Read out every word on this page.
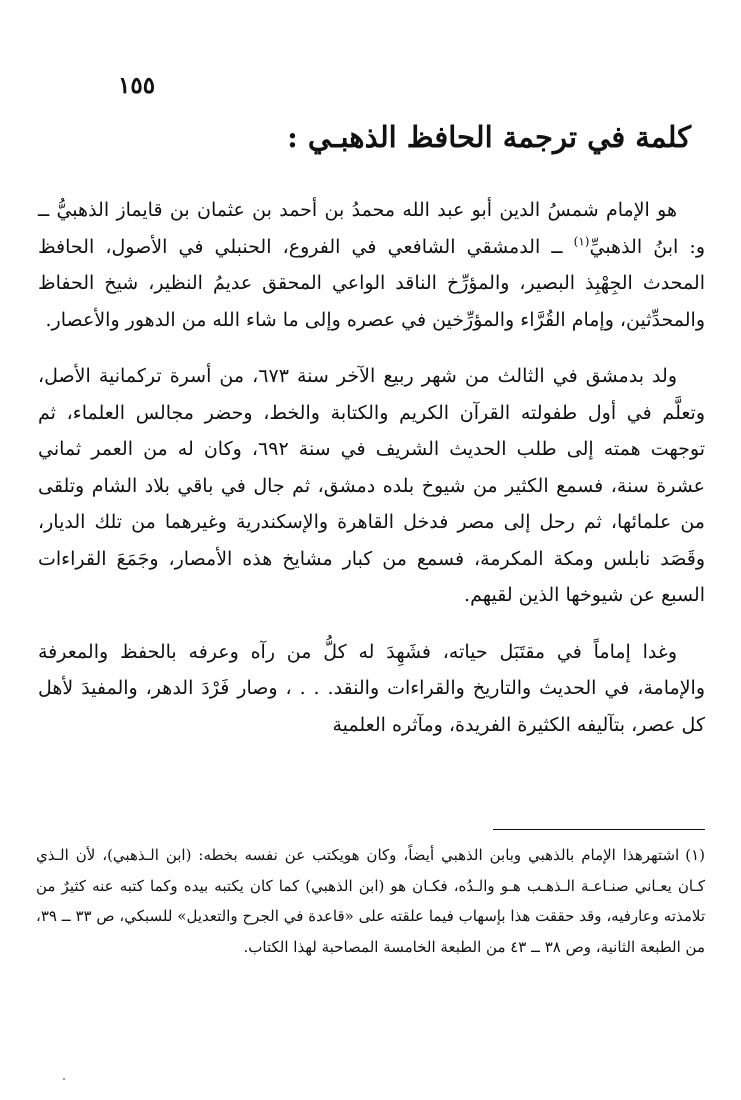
١٥٥
كلمة في ترجمة الحافظ الذهبـي :

هو الإمام شمسُ الدين أبو عبد الله محمدُ بن أحمد بن عثمان بن قايماز الذهبيُّ ــ و: ابنُ الذهبيِّ$^{(١)}$ ــ الدمشقي الشافعي في الفروع، الحنبلي في الأصول، الحافظ المحدث الجِهْبِذ البصير، والمؤرِّخ الناقد الواعي المحقق عديمُ النظير، شيخ الحفاظ والمحدِّثين، وإمام القُرَّاء والمؤرِّخين في عصره وإلى ما شاء الله من الدهور والأعصار.

ولد بدمشق في الثالث من شهر ربيع الآخر سنة ٦٧٣، من أسرة تركمانية الأصل، وتعلَّم في أول طفولته القرآن الكريم والكتابة والخط، وحضر مجالس العلماء، ثم توجهت همته إلى طلب الحديث الشريف في سنة ٦٩٢، وكان له من العمر ثماني عشرة سنة، فسمع الكثير من شيوخ بلده دمشق، ثم جال في باقي بلاد الشام وتلقى من علمائها، ثم رحل إلى مصر فدخل القاهرة والإسكندرية وغيرهما من تلك الديار، وقَصَد نابلس ومكة المكرمة، فسمع من كبار مشايخ هذه الأمصار، وجَمَعَ القراءات السبع عن شيوخها الذين لقيهم.

وغدا إماماً في مقتَبَل حياته، فشَهِدَ له كلُّ من رآه وعرفه بالحفظ والمعرفة والإمامة، في الحديث والتاريخ والقراءات والنقد. . . ، وصار فَرْدَ الدهر، والمفيدَ لأهل كل عصر، بتآليفه الكثيرة الفريدة، ومآثره العلمية

(١)اشتهرهذا الإمام بالذهبي وبابن الذهبي أيضاً، وكان هويكتب عن نفسه بخطه: (ابن الـذهبي)، لأن الـذي كـان يعـاني صنـاعـة الـذهـب هـو والـدُه، فكـان هو (ابن الذهبي) كما كان يكتبه بيده وكما كتبه عنه كثيرٌ من تلامذته وعارفيه، وقد حققت هذا بإسهاب فيما علقته على «قاعدة في الجرح والتعديل» للسبكي، ص ٣٣ ــ ٣٩، من الطبعة الثانية، وص ٣٨ ــ ٤٣ من الطبعة الخامسة المصاحبة لهذا الكتاب.
